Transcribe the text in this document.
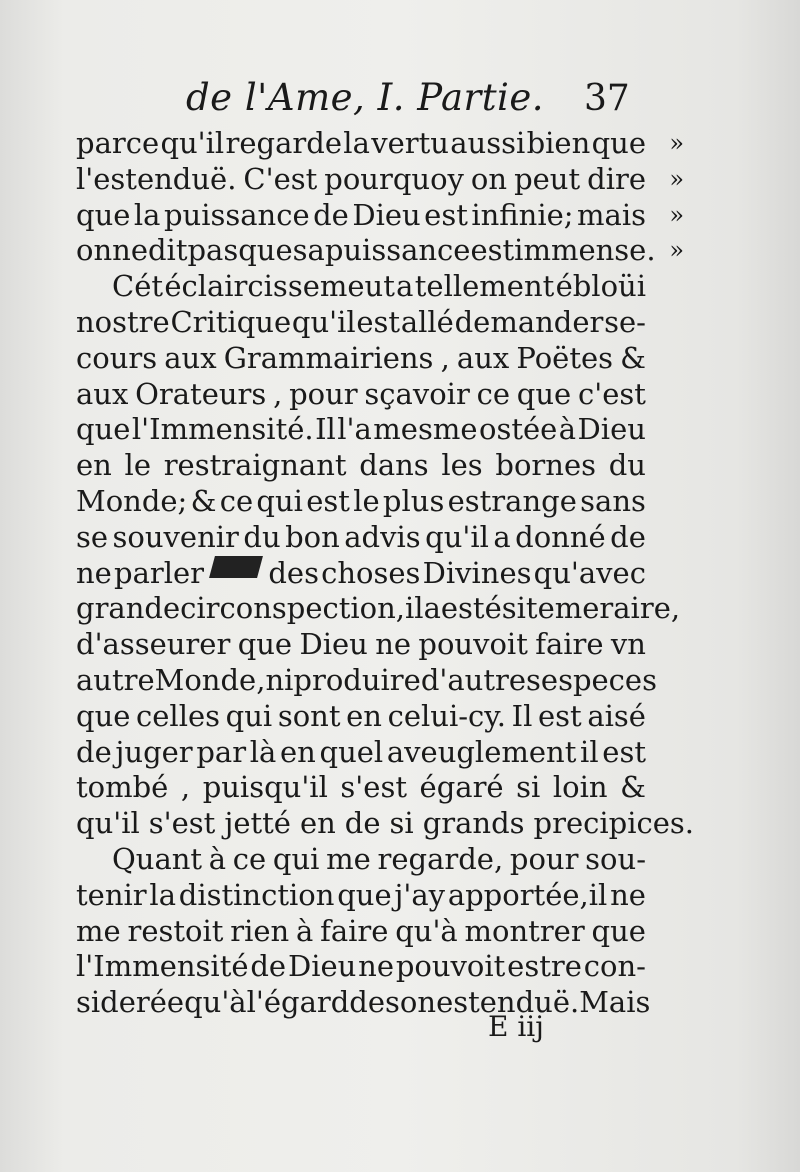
de l'Ame, I. Partie. 37
parce qu'il regarde la vertu aussi bien que »
l'estenduë. C'est pourquoy on peut dire »
que la puissance de Dieu est infinie; mais »
on ne dit pas que sa puissance est immense. »
Cét éclaircissemeut a tellement ébloüi
nostre Critique qu'il est allé demander se-
cours aux Grammairiens , aux Poëtes &
aux Orateurs , pour sçavoir ce que c'est
que l'Immensité. Il l'a mesme ostée à Dieu
en le restraignant dans les bornes du
Monde; & ce qui est le plus estrange sans
se souvenir du bon advis qu'il a donné de
ne parler des choses Divines qu'avec
grande circonspection,il a esté si temeraire,
d'asseurer que Dieu ne pouvoit faire vn
autre Monde, ni produire d'autres especes
que celles qui sont en celui-cy. Il est aisé
de juger par là en quel aveuglement il est
tombé , puisqu'il s'est égaré si loin &
qu'il s'est jetté en de si grands precipices.
Quant à ce qui me regarde, pour sou-
tenir la distinction que j'ay apportée,il ne
me restoit rien à faire qu'à montrer que
l'Immensité de Dieu ne pouvoit estre con-
siderée qu'à l'égard de son estenduë. Mais
E iij
